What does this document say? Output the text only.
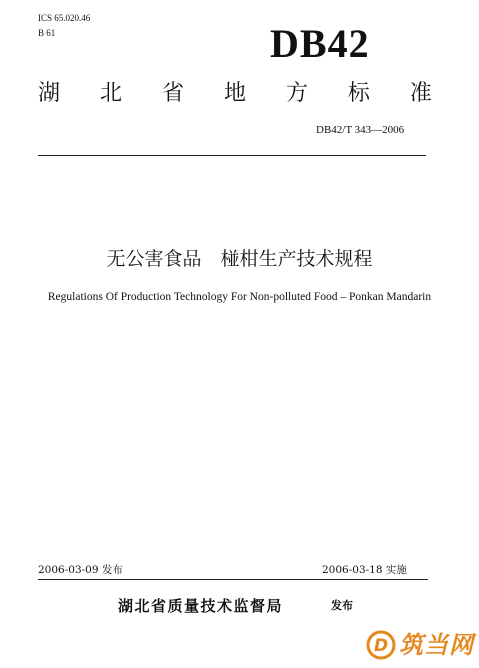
ICS 65.020.46
B 61	DB42
湖 北 省 地 方 标 准
DB42/T 343—2006
无公害食品　椪柑生产技术规程
Regulations Of Production Technology For Non-polluted Food – Ponkan Mandarin
2006-03-09 发布	2006-03-18 实施
湖北省质量技术监督局	发布
D 筑当网
